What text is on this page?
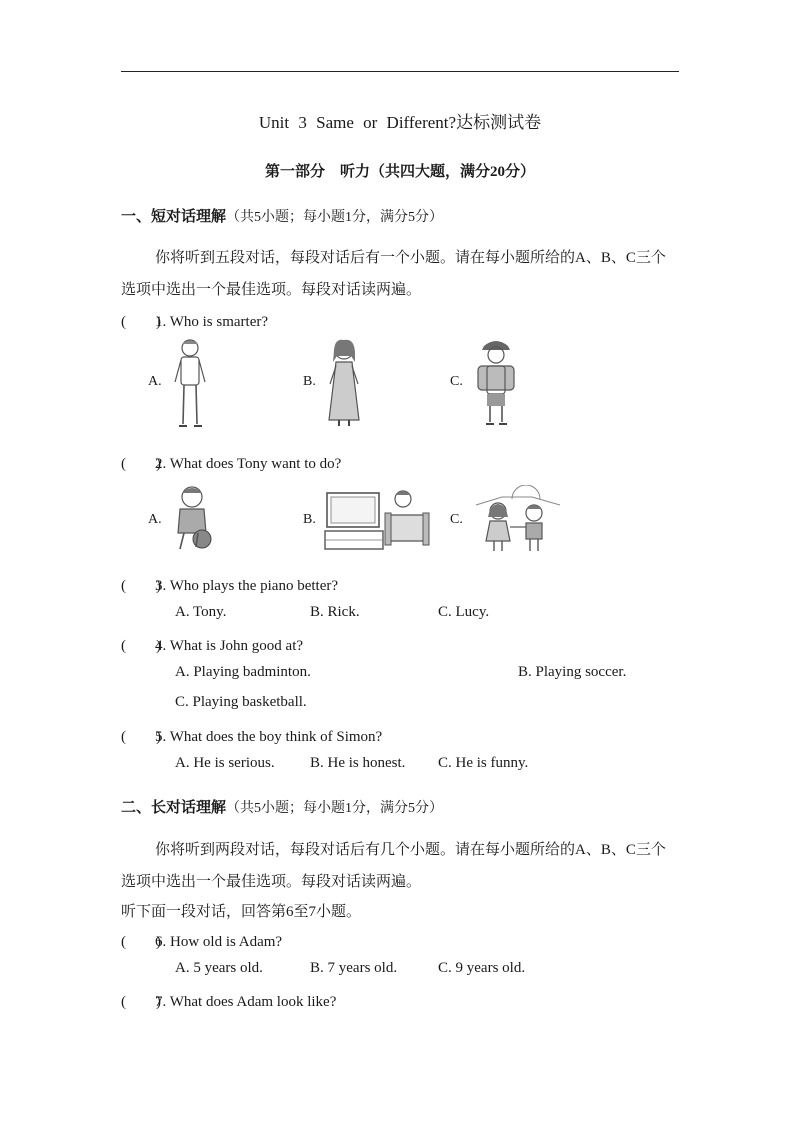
Unit 3 Same or Different?达标测试卷
第一部分　听力（共四大题，满分20分）
一、短对话理解（共5小题；每小题1分，满分5分）
你将听到五段对话，每段对话后有一个小题。请在每小题所给的A、B、C三个
选项中选出一个最佳选项。每段对话读两遍。
(　　)1. Who is smarter?
A.	B.	C.
(　　)2. What does Tony want to do?
A.	B.	C.
(　　)3. Who plays the piano better?
A. Tony.	B. Rick.	C. Lucy.
(　　)4. What is John good at?
A. Playing badminton.	B. Playing soccer.
C. Playing basketball.
(　　)5. What does the boy think of Simon?
A. He is serious. B. He is honest. C. He is funny.
二、长对话理解（共5小题；每小题1分，满分5分）
你将听到两段对话，每段对话后有几个小题。请在每小题所给的A、B、C三个
选项中选出一个最佳选项。每段对话读两遍。
听下面一段对话，回答第6至7小题。
(　　)6. How old is Adam?
A. 5 years old.	B. 7 years old.	C. 9 years old.
(　　)7. What does Adam look like?
